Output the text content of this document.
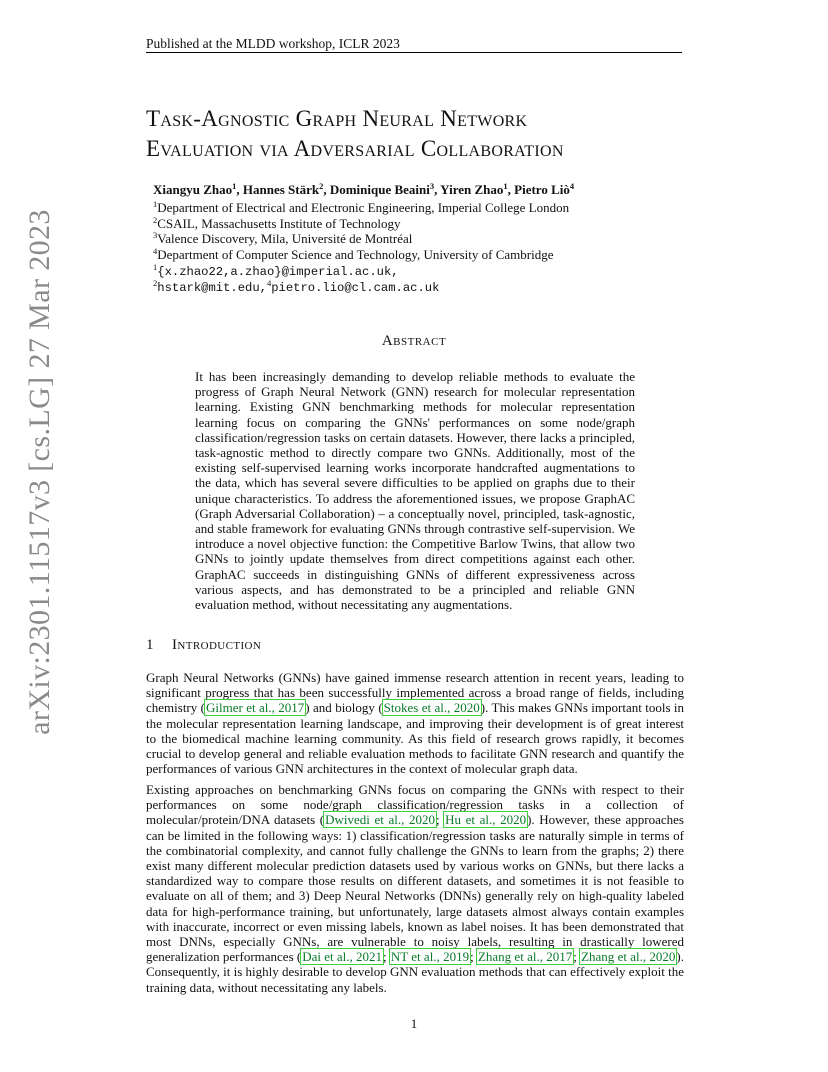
Published at the MLDD workshop, ICLR 2023
arXiv:2301.11517v3 [cs.LG] 27 Mar 2023
Task-Agnostic Graph Neural Network
Evaluation via Adversarial Collaboration
Xiangyu Zhao$^1$, Hannes Stärk$^2$, Dominique Beaini$^3$, Yiren Zhao$^1$, Pietro Liò$^4$
$^1$Department of Electrical and Electronic Engineering, Imperial College London
$^2$CSAIL, Massachusetts Institute of Technology
$^3$Valence Discovery, Mila, Université de Montréal
$^4$Department of Computer Science and Technology, University of Cambridge
$^1${x.zhao22,a.zhao}@imperial.ac.uk,
$^2$hstark@mit.edu,$^4$pietro.lio@cl.cam.ac.uk
Abstract
It has been increasingly demanding to develop reliable methods to evaluate the progress of Graph Neural Network (GNN) research for molecular representation learning. Existing GNN benchmarking methods for molecular representation learning focus on comparing the GNNs' performances on some node/graph classification/regression tasks on certain datasets. However, there lacks a principled, task-agnostic method to directly compare two GNNs. Additionally, most of the existing self-supervised learning works incorporate handcrafted augmentations to the data, which has several severe difficulties to be applied on graphs due to their unique characteristics. To address the aforementioned issues, we propose GraphAC (Graph Adversarial Collaboration) – a conceptually novel, principled, task-agnostic, and stable framework for evaluating GNNs through contrastive self-supervision. We introduce a novel objective function: the Competitive Barlow Twins, that allow two GNNs to jointly update themselves from direct competitions against each other. GraphAC succeeds in distinguishing GNNs of different expressiveness across various aspects, and has demonstrated to be a principled and reliable GNN evaluation method, without necessitating any augmentations.
1 Introduction
Graph Neural Networks (GNNs) have gained immense research attention in recent years, leading to significant progress that has been successfully implemented across a broad range of fields, including chemistry (Gilmer et al., 2017) and biology (Stokes et al., 2020). This makes GNNs important tools in the molecular representation learning landscape, and improving their development is of great interest to the biomedical machine learning community. As this field of research grows rapidly, it becomes crucial to develop general and reliable evaluation methods to facilitate GNN research and quantify the performances of various GNN architectures in the context of molecular graph data.
Existing approaches on benchmarking GNNs focus on comparing the GNNs with respect to their performances on some node/graph classification/regression tasks in a collection of molecular/protein/DNA datasets (Dwivedi et al., 2020; Hu et al., 2020). However, these approaches can be limited in the following ways: 1) classification/regression tasks are naturally simple in terms of the combinatorial complexity, and cannot fully challenge the GNNs to learn from the graphs; 2) there exist many different molecular prediction datasets used by various works on GNNs, but there lacks a standardized way to compare those results on different datasets, and sometimes it is not feasible to evaluate on all of them; and 3) Deep Neural Networks (DNNs) generally rely on high-quality labeled data for high-performance training, but unfortunately, large datasets almost always contain examples with inaccurate, incorrect or even missing labels, known as label noises. It has been demonstrated that most DNNs, especially GNNs, are vulnerable to noisy labels, resulting in drastically lowered generalization performances (Dai et al., 2021; NT et al., 2019; Zhang et al., 2017; Zhang et al., 2020). Consequently, it is highly desirable to develop GNN evaluation methods that can effectively exploit the training data, without necessitating any labels.
1
